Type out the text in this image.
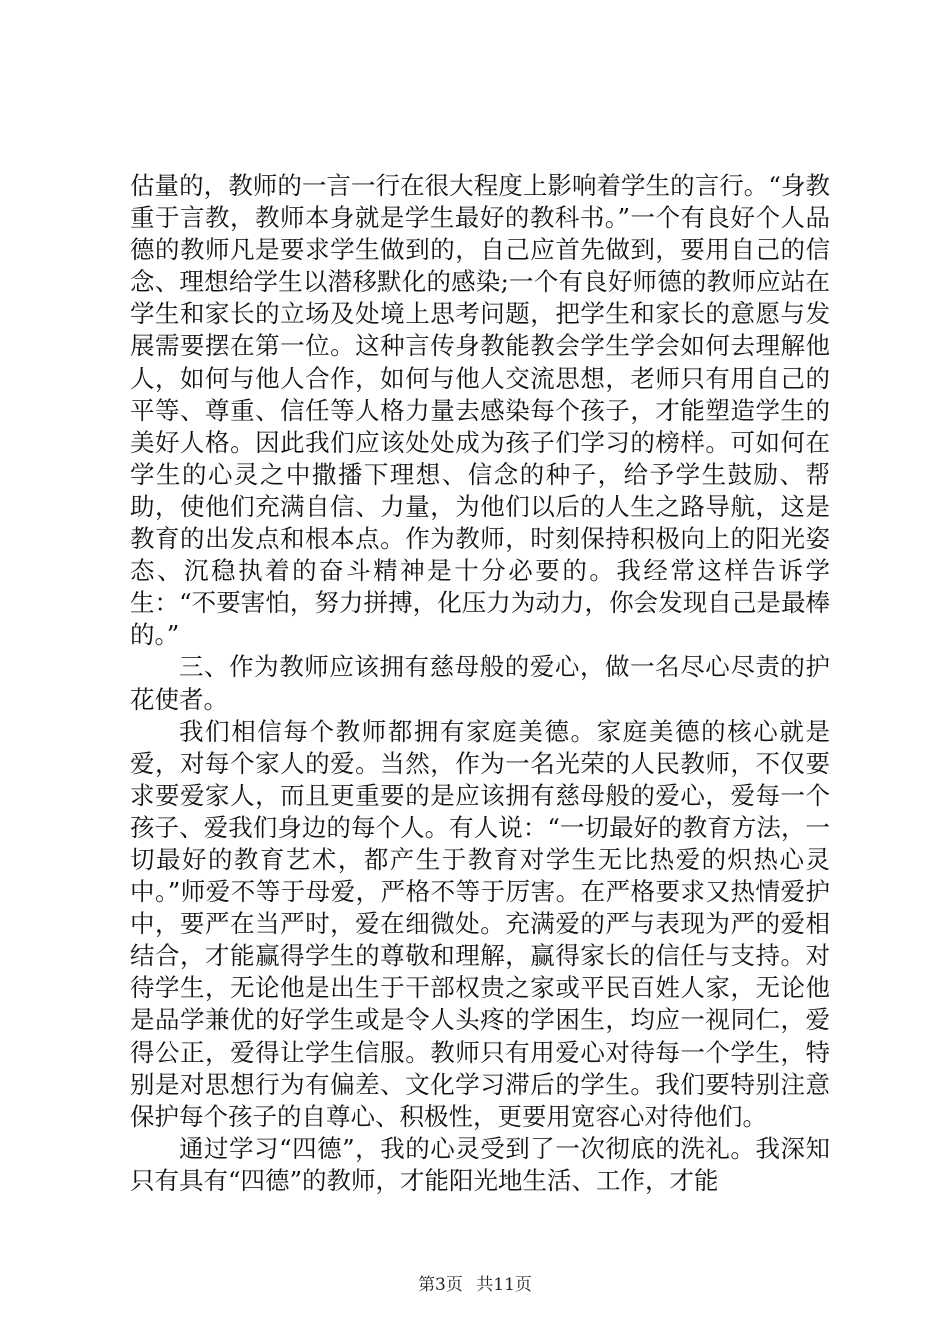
估量的，教师的一言一行在很大程度上影响着学生的言行。“身教重于言教，教师本身就是学生最好的教科书。”一个有良好个人品德的教师凡是要求学生做到的，自己应首先做到，要用自己的信念、理想给学生以潜移默化的感染;一个有良好师德的教师应站在学生和家长的立场及处境上思考问题，把学生和家长的意愿与发展需要摆在第一位。这种言传身教能教会学生学会如何去理解他人，如何与他人合作，如何与他人交流思想，老师只有用自己的平等、尊重、信任等人格力量去感染每个孩子，才能塑造学生的美好人格。因此我们应该处处成为孩子们学习的榜样。可如何在学生的心灵之中撒播下理想、信念的种子，给予学生鼓励、帮助，使他们充满自信、力量，为他们以后的人生之路导航，这是教育的出发点和根本点。作为教师，时刻保持积极向上的阳光姿态、沉稳执着的奋斗精神是十分必要的。我经常这样告诉学生：“不要害怕，努力拼搏，化压力为动力，你会发现自己是最棒的。”

三、作为教师应该拥有慈母般的爱心，做一名尽心尽责的护花使者。

我们相信每个教师都拥有家庭美德。家庭美德的核心就是爱，对每个家人的爱。当然，作为一名光荣的人民教师，不仅要求要爱家人，而且更重要的是应该拥有慈母般的爱心，爱每一个孩子、爱我们身边的每个人。有人说：“一切最好的教育方法，一切最好的教育艺术，都产生于教育对学生无比热爱的炽热心灵中。”师爱不等于母爱，严格不等于厉害。在严格要求又热情爱护中，要严在当严时，爱在细微处。充满爱的严与表现为严的爱相结合，才能赢得学生的尊敬和理解，赢得家长的信任与支持。对待学生，无论他是出生于干部权贵之家或平民百姓人家，无论他是品学兼优的好学生或是令人头疼的学困生，均应一视同仁，爱得公正，爱得让学生信服。教师只有用爱心对待每一个学生，特别是对思想行为有偏差、文化学习滞后的学生。我们要特别注意保护每个孩子的自尊心、积极性，更要用宽容心对待他们。

通过学习“四德”，我的心灵受到了一次彻底的洗礼。我深知只有具有“四德”的教师，才能阳光地生活、工作，才能

第3页 共11页
